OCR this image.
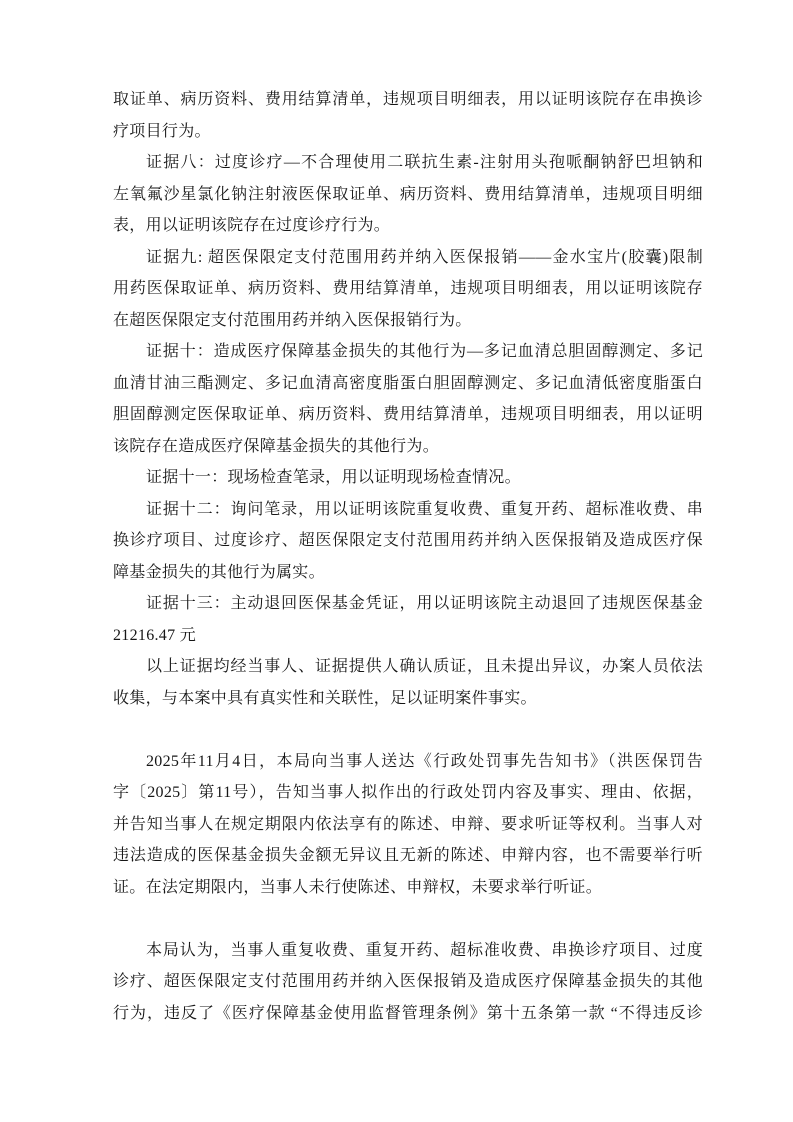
取证单、病历资料、费用结算清单，违规项目明细表，用以证明该院存在串换诊
疗项目行为。
证据八：过度诊疗—不合理使用二联抗生素-注射用头孢哌酮钠舒巴坦钠和
左氧氟沙星氯化钠注射液医保取证单、病历资料、费用结算清单，违规项目明细
表，用以证明该院存在过度诊疗行为。
证据九: 超医保限定支付范围用药并纳入医保报销——金水宝片(胶囊)限制
用药医保取证单、病历资料、费用结算清单，违规项目明细表，用以证明该院存
在超医保限定支付范围用药并纳入医保报销行为。
证据十：造成医疗保障基金损失的其他行为—多记血清总胆固醇测定、多记
血清甘油三酯测定、多记血清高密度脂蛋白胆固醇测定、多记血清低密度脂蛋白
胆固醇测定医保取证单、病历资料、费用结算清单，违规项目明细表，用以证明
该院存在造成医疗保障基金损失的其他行为。
证据十一：现场检查笔录，用以证明现场检查情况。
证据十二：询问笔录，用以证明该院重复收费、重复开药、超标准收费、串
换诊疗项目、过度诊疗、超医保限定支付范围用药并纳入医保报销及造成医疗保
障基金损失的其他行为属实。
证据十三：主动退回医保基金凭证，用以证明该院主动退回了违规医保基金
21216.47 元
以上证据均经当事人、证据提供人确认质证，且未提出异议，办案人员依法
收集，与本案中具有真实性和关联性，足以证明案件事实。
2025年11月4日，本局向当事人送达《行政处罚事先告知书》（洪医保罚告
字〔2025〕第11号），告知当事人拟作出的行政处罚内容及事实、理由、依据，
并告知当事人在规定期限内依法享有的陈述、申辩、要求听证等权利。当事人对
违法造成的医保基金损失金额无异议且无新的陈述、申辩内容，也不需要举行听
证。在法定期限内，当事人未行使陈述、申辩权，未要求举行听证。
本局认为，当事人重复收费、重复开药、超标准收费、串换诊疗项目、过度
诊疗、超医保限定支付范围用药并纳入医保报销及造成医疗保障基金损失的其他
行为，违反了《医疗保障基金使用监督管理条例》第十五条第一款 “不得违反诊
